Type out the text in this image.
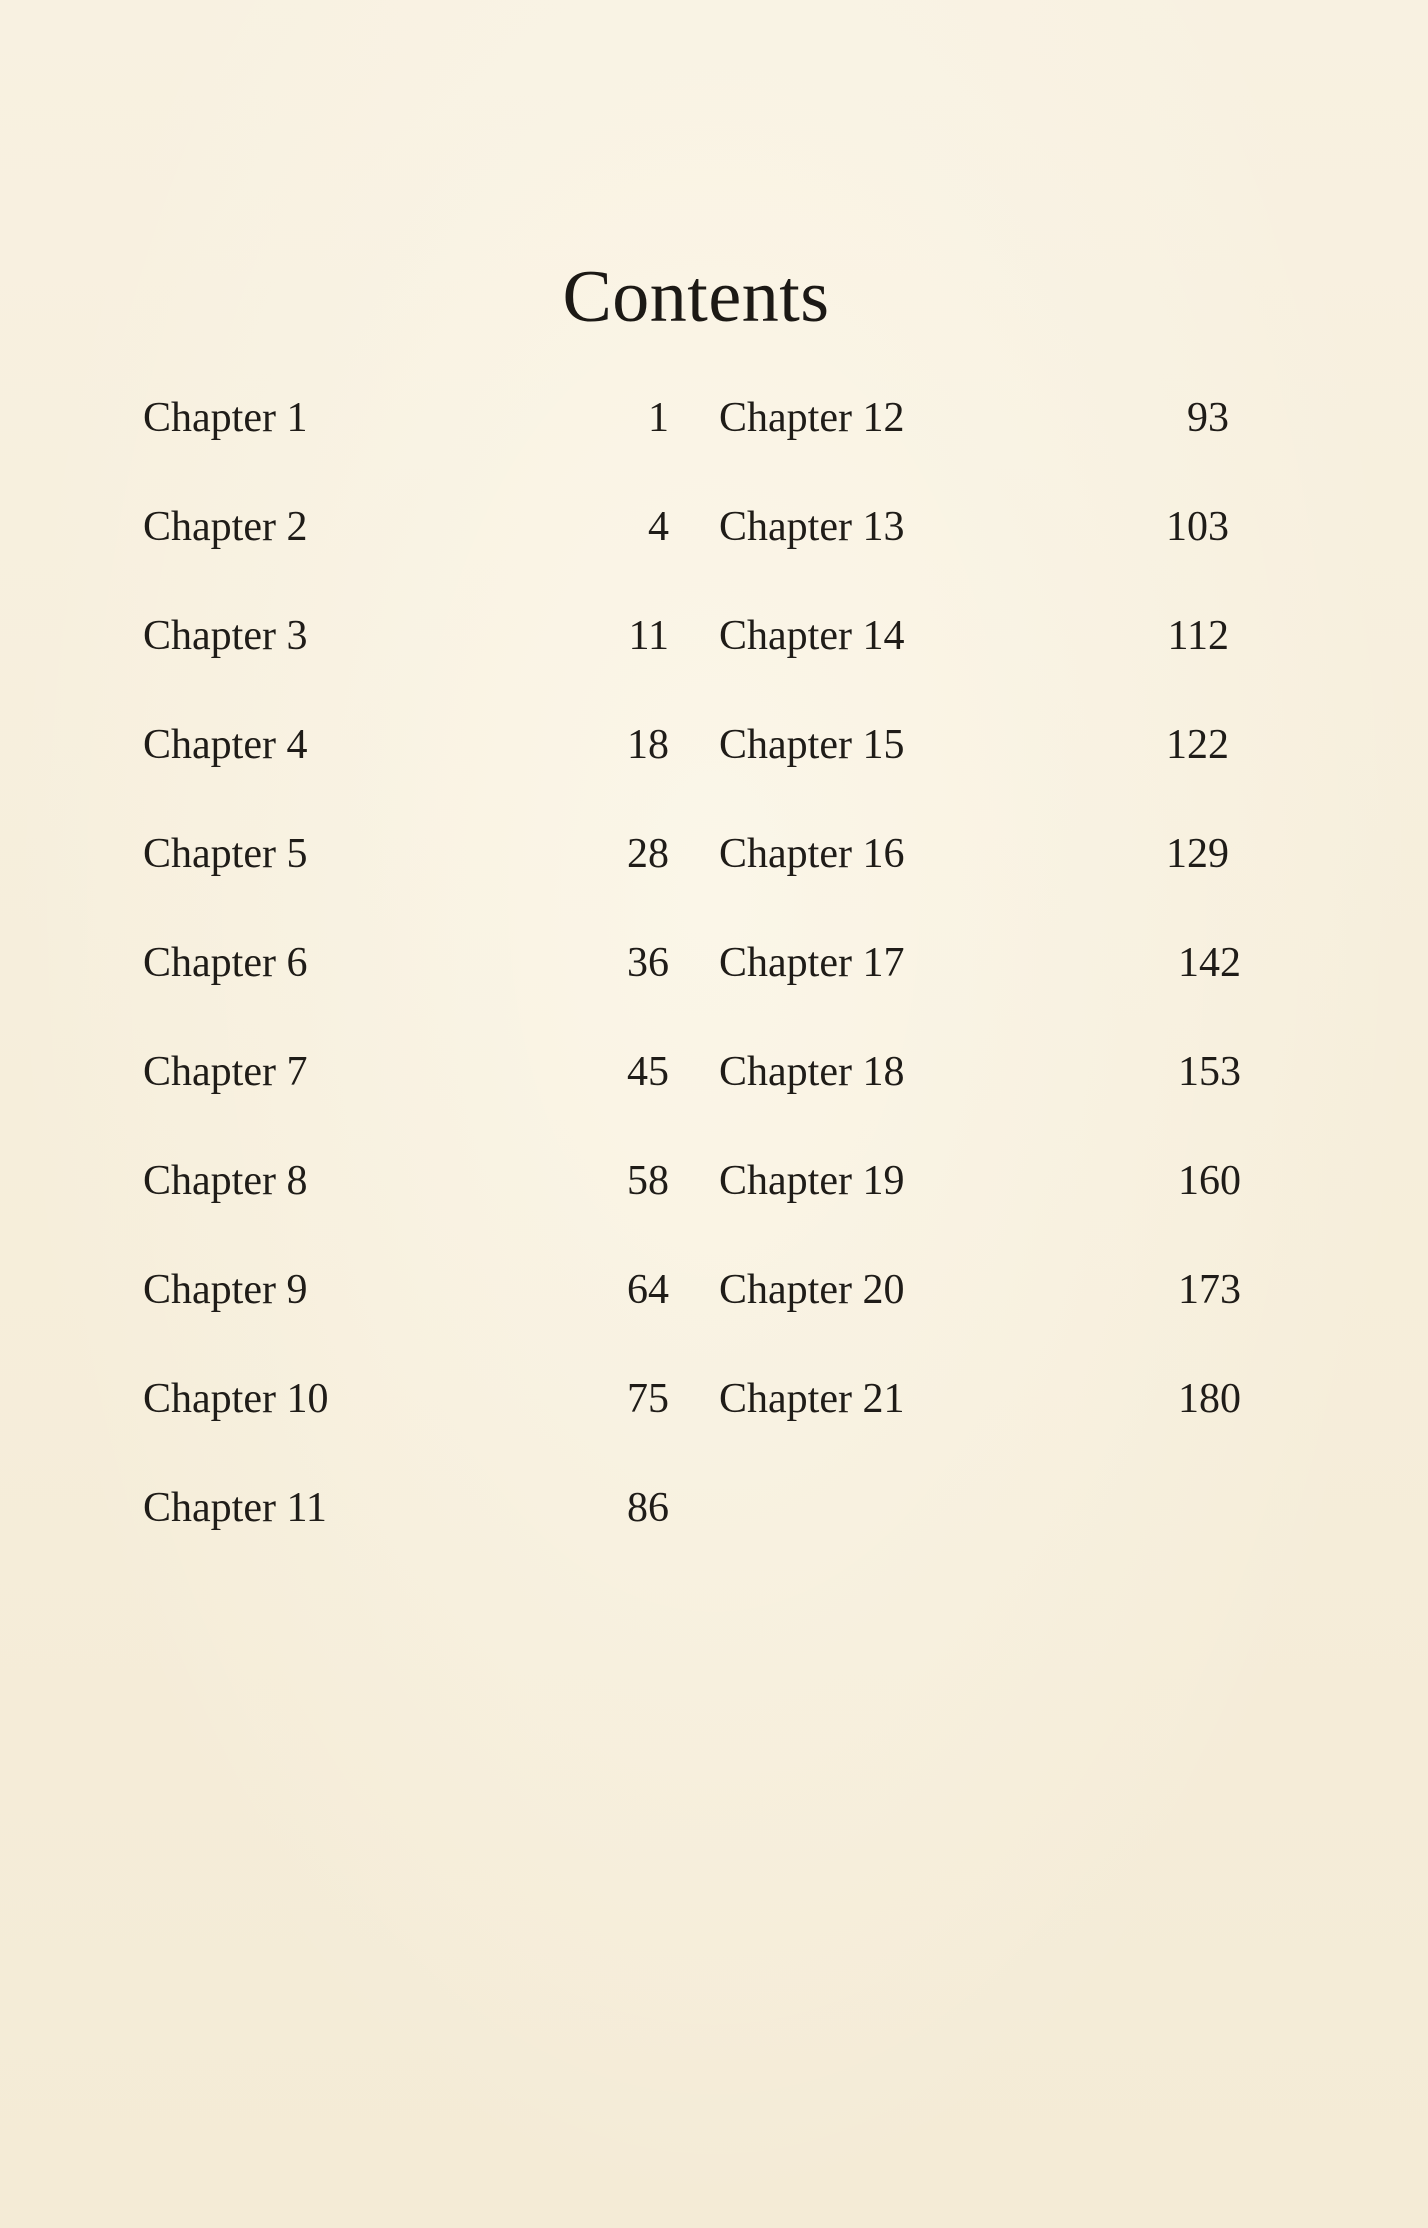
Contents
Chapter 1	1
Chapter 2	4
Chapter 3	11
Chapter 4	18
Chapter 5	28
Chapter 6	36
Chapter 7	45
Chapter 8	58
Chapter 9	64
Chapter 10	75
Chapter 11	86
Chapter 12	93
Chapter 13	103
Chapter 14	112
Chapter 15	122
Chapter 16	129
Chapter 17	142
Chapter 18	153
Chapter 19	160
Chapter 20	173
Chapter 21	180
